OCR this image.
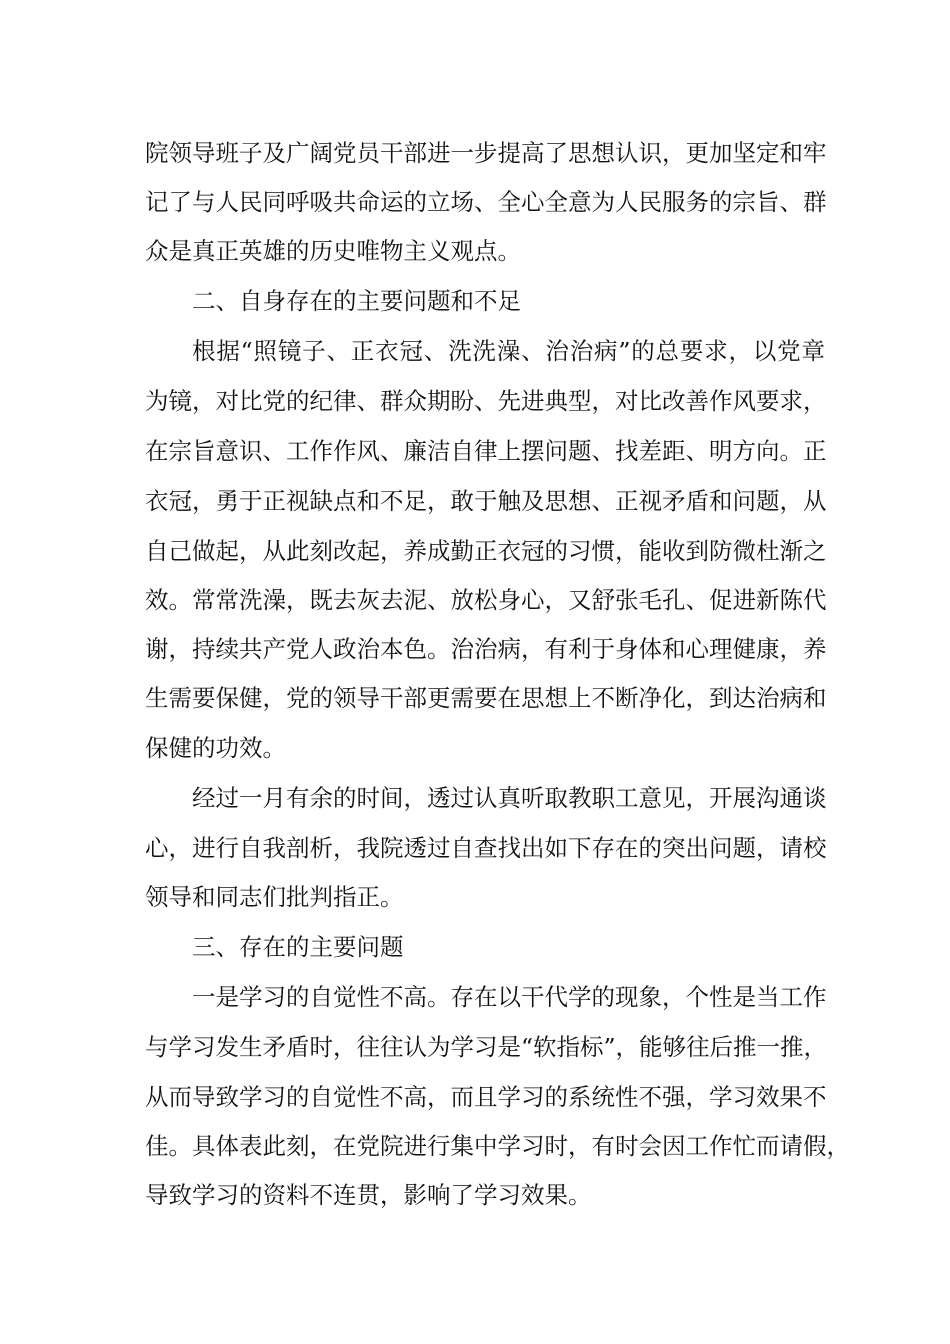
院领导班子及广阔党员干部进一步提高了思想认识，更加坚定和牢
记了与人民同呼吸共命运的立场、全心全意为人民服务的宗旨、群
众是真正英雄的历史唯物主义观点。
二、自身存在的主要问题和不足
根据“照镜子、正衣冠、洗洗澡、治治病”的总要求，以党章
为镜，对比党的纪律、群众期盼、先进典型，对比改善作风要求，
在宗旨意识、工作作风、廉洁自律上摆问题、找差距、明方向。正
衣冠，勇于正视缺点和不足，敢于触及思想、正视矛盾和问题，从
自己做起，从此刻改起，养成勤正衣冠的习惯，能收到防微杜渐之
效。常常洗澡，既去灰去泥、放松身心，又舒张毛孔、促进新陈代
谢，持续共产党人政治本色。治治病，有利于身体和心理健康，养
生需要保健，党的领导干部更需要在思想上不断净化，到达治病和
保健的功效。
经过一月有余的时间，透过认真听取教职工意见，开展沟通谈
心，进行自我剖析，我院透过自查找出如下存在的突出问题，请校
领导和同志们批判指正。
三、存在的主要问题
一是学习的自觉性不高。存在以干代学的现象，个性是当工作
与学习发生矛盾时，往往认为学习是“软指标”，能够往后推一推，
从而导致学习的自觉性不高，而且学习的系统性不强，学习效果不
佳。具体表此刻，在党院进行集中学习时，有时会因工作忙而请假，
导致学习的资料不连贯，影响了学习效果。
